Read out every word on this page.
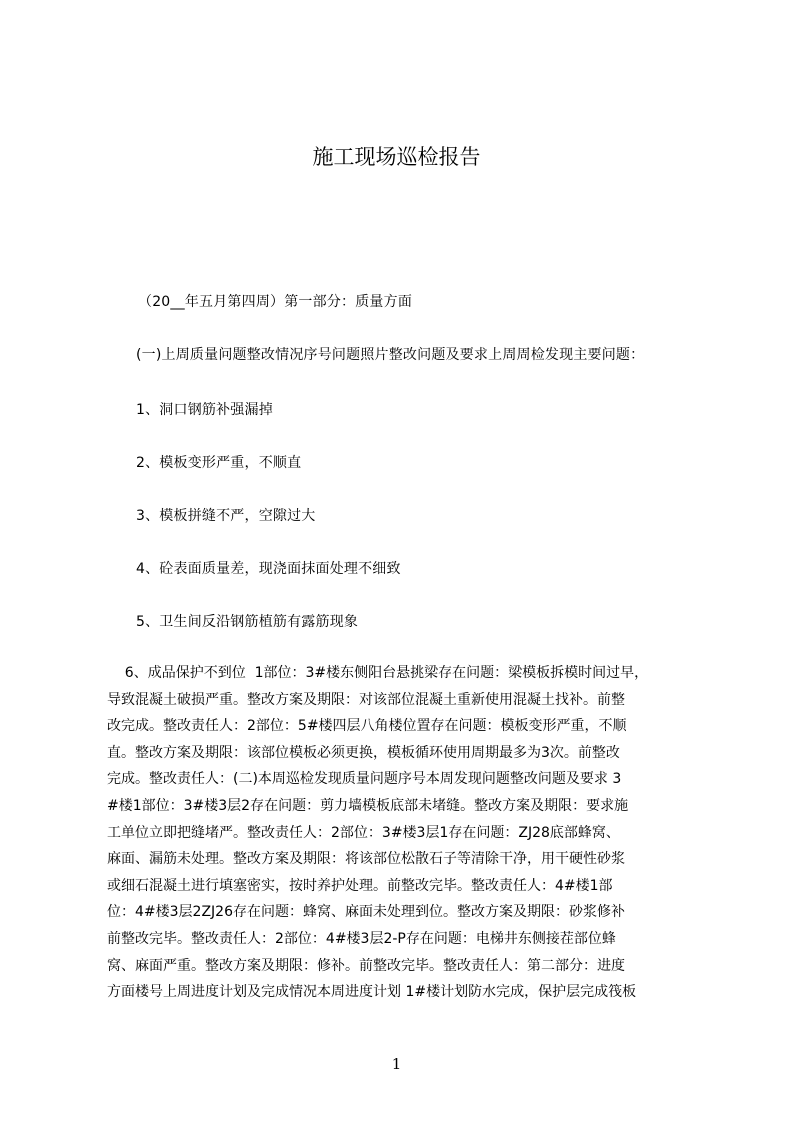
施工现场巡检报告
（20__年五月第四周）第一部分：质量方面
(一)上周质量问题整改情况序号问题照片整改问题及要求上周周检发现主要问题：
1、洞口钢筋补强漏掉
2、模板变形严重，不顺直
3、模板拼缝不严，空隙过大
4、砼表面质量差，现浇面抹面处理不细致
5、卫生间反沿钢筋植筋有露筋现象
6、成品保护不到位  1部位：3#楼东侧阳台悬挑梁存在问题：梁模板拆模时间过早，
导致混凝土破损严重。整改方案及期限：对该部位混凝土重新使用混凝土找补。前整
改完成。整改责任人：2部位：5#楼四层八角楼位置存在问题：模板变形严重，不顺
直。整改方案及期限：该部位模板必须更换，模板循环使用周期最多为3次。前整改
完成。整改责任人：(二)本周巡检发现质量问题序号本周发现问题整改问题及要求 3
#楼1部位：3#楼3层2存在问题：剪力墙模板底部未堵缝。整改方案及期限：要求施
工单位立即把缝堵严。整改责任人：2部位：3#楼3层1存在问题：ZJ28底部蜂窝、
麻面、漏筋未处理。整改方案及期限：将该部位松散石子等清除干净，用干硬性砂浆
或细石混凝土进行填塞密实，按时养护处理。前整改完毕。整改责任人：4#楼1部
位：4#楼3层2ZJ26存在问题：蜂窝、麻面未处理到位。整改方案及期限：砂浆修补
前整改完毕。整改责任人：2部位：4#楼3层2-P存在问题：电梯井东侧接茬部位蜂
窝、麻面严重。整改方案及期限：修补。前整改完毕。整改责任人：第二部分：进度
方面楼号上周进度计划及完成情况本周进度计划 1#楼计划防水完成，保护层完成筏板
1
